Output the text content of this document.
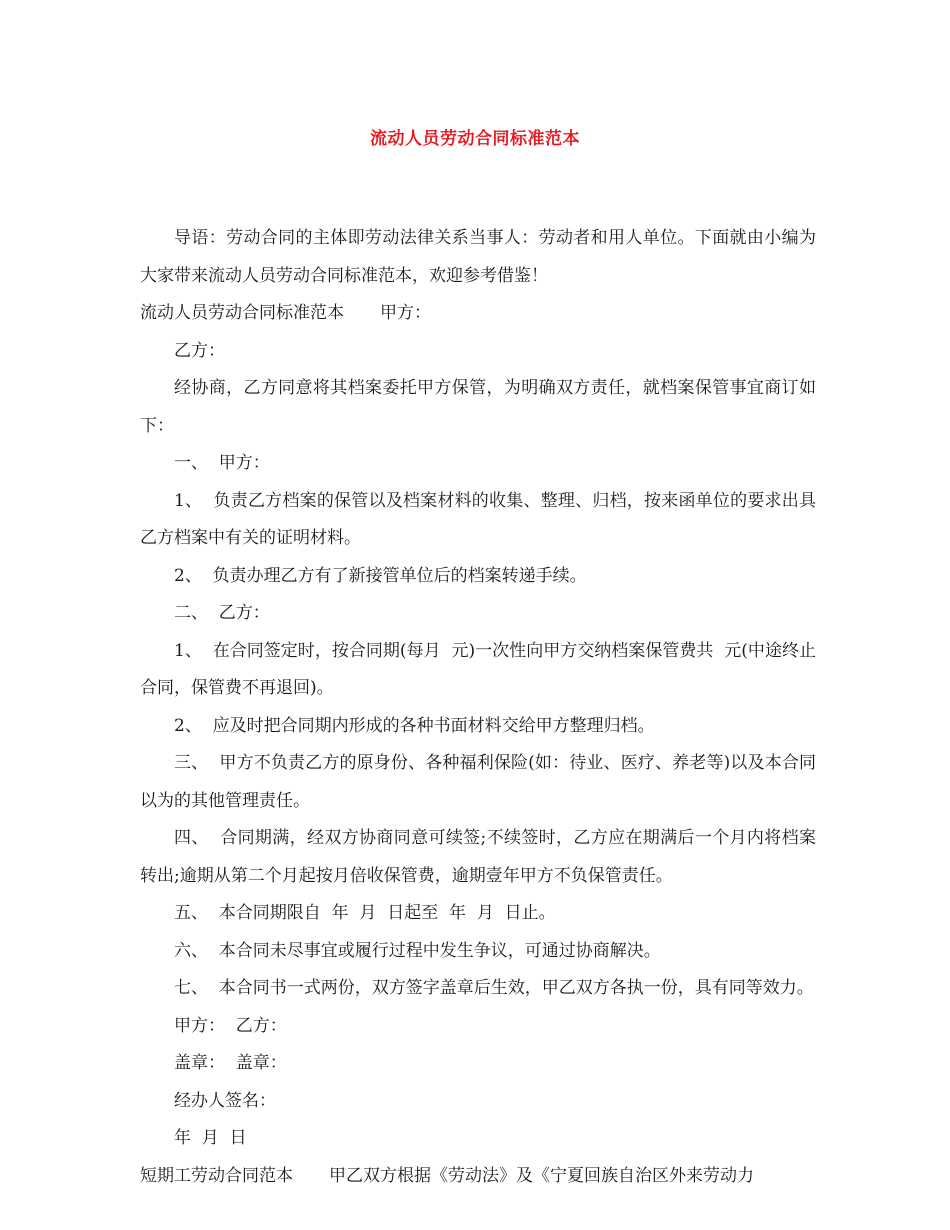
流动人员劳动合同标准范本

导语：劳动合同的主体即劳动法律关系当事人：劳动者和用人单位。下面就由小编为大家带来流动人员劳动合同标准范本，欢迎参考借鉴！

流动人员劳动合同标准范本 甲方：

乙方：

经协商，乙方同意将其档案委托甲方保管，为明确双方责任，就档案保管事宜商订如下：

一、  甲方：

1、  负责乙方档案的保管以及档案材料的收集、整理、归档，按来函单位的要求出具乙方档案中有关的证明材料。

2、  负责办理乙方有了新接管单位后的档案转递手续。

二、  乙方：

1、  在合同签定时，按合同期(每月  元)一次性向甲方交纳档案保管费共  元(中途终止合同，保管费不再退回)。

2、  应及时把合同期内形成的各种书面材料交给甲方整理归档。

三、  甲方不负责乙方的原身份、各种福利保险(如：待业、医疗、养老等)以及本合同以为的其他管理责任。

四、  合同期满，经双方协商同意可续签;不续签时，乙方应在期满后一个月内将档案转出;逾期从第二个月起按月倍收保管费，逾期壹年甲方不负保管责任。

五、  本合同期限自  年  月  日起至  年  月  日止。

六、  本合同未尽事宜或履行过程中发生争议，可通过协商解决。

七、  本合同书一式两份，双方签字盖章后生效，甲乙双方各执一份，具有同等效力。

甲方：  乙方：

盖章：  盖章：

经办人签名：

年  月  日

短期工劳动合同范本 甲乙双方根据《劳动法》及《宁夏回族自治区外来劳动力
